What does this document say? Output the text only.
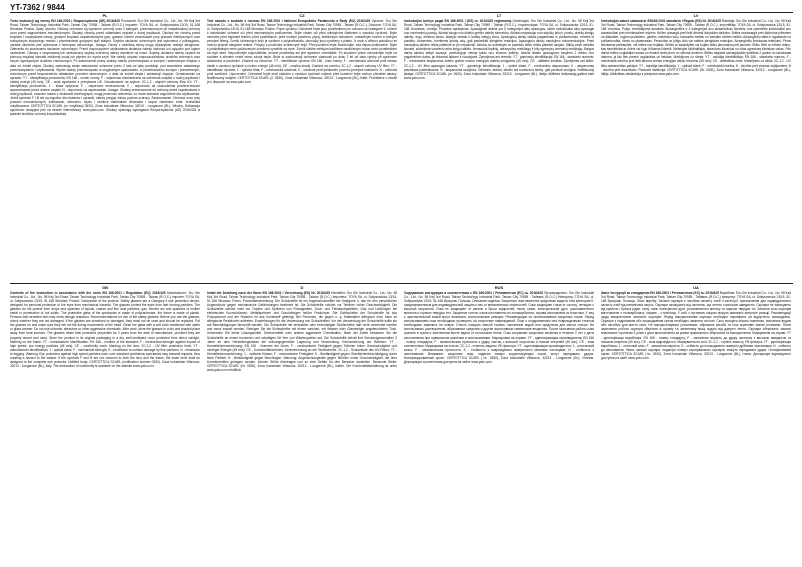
YT-7362 / 9844
PL
Treść instrukcji wg normy EN 166:2001 i Rozporządzenia (UE) 2016/425 Producent: Sru Gie Industrial Co., Ltd., No. 98 Keji 3rd Road, Tainan Technology Industrial Park, Tainan City 70955 - Taiwan (R.O.C.) Importer: TOYA SA, ul. Sołtysowicka 13/15, 51-168 Wrocław, Polska. Opisy wyrobu: Okulary ochronne są wyrobem ochrony oczu ii kategorii, przeznaczonym do indywidualnej ochrony oczu przed zagrożeniami mechanicznymi. Okulary chronią przed odłamkami cząstek o dużej prędkości. Okulary nie chronią przed kroplami i rozpryskami cieczy, grubymi kroplami cząsteczkowymi pyłu, gazami, łukiem zwarciowym przy pracach elektrycznych oraz roztopionym stopionego metalu i przedmiotami gorącymi stali stałych. Szybka okularów ochronnych jest wykonana z poliwęglanu, oprawa okularów jest wykonana z tworzywa sztucznego. Uwaga: Osoby z wrażliwą skórą mogą wykazywać reakcje alergiczne. Zalecenia do stosowania okularów ochronnych: Przed rozpoczęciem użytkowania okularów należy dokonać ich oględzin pod kątem uszkodzeń. Okulary z zarysowaną lub uszkodzoną szybką ochronną należy wymienić na nowe. Szybkę okularów należy czyścić za pomocą miękkiej szmatki zwilżonej wodą lub płynem do mycia szyb. Nie należy używać rozpuszczalników, środków ściernych oraz innych agresywnych środków chemicznych. Po zakończeniu pracy okulary należy przechowywać w suchym i zacienionym miejscu z dala od źródeł ciepła. Okulary zachowują swoje właściwości ochronne przez 2 lata od daty produkcji, pod warunkiem właściwego przechowywania i użytkowania. Wyrób należy przechowywać w oryginalnym opakowaniu, w pomieszczeniu suchym i przewiewnym, chronionym przed bezpośrednim działaniem promieni słonecznych, z dala od źródeł ciepła i substancji żrących. Oznakowanie na oprawie: YT - identyfikacja producenta; EN 166 - numer normy; F - odporność mechaniczna na uderzenia cząstek o dużej prędkości i niskiej energii (45 m/s); CE - znak zgodności z przepisami UE. Oznakowanie na szybce: 2C-1,2 - stopień ochrony filtra UV; YT - identyfikacja producenta; 1 - klasa optyczna; F - odporność mechaniczna; K - odporność na uszkodzenia powierzchniowe spowodowane przez drobne cząstki; N - odporność na zaparowanie. Uwaga: Okulary przeznaczone do ochrony przed cząsteczkami o dużej prędkości, noszone razem z okularami korekcyjnymi, mogą przenosić uderzenia, co może stanowić zagrożenie dla użytkownika. Jeżeli symbole F i B nie są wspólne dla okularów i oprawki, należy przyjąć niższy poziom ochrony. Zastosowanie: Ochrona oczu przy pracach mechanicznych, szlifowaniu, wierceniu, cięciu i obróbce materiałów. Akcesoria i części zamienne: brak. Jednostka notyfikowana: CERTOTTICA SCARL (nr notyfikacji 0530), Zona Industriale Villanova, 32013 - Longarone (BL), Włochy. Deklaracja zgodności dostępna jest na stronie internetowej: www.yato.com. Okulary spełniają wymagania Rozporządzenia (UE) 2016/425 w sprawie środków ochrony indywidualnej.
CZ
Text návodu v souladu s normou EN 166:2001 i Nařízení Evropského Parlamentu a Rady (EU) 2016/425 Výrobce: Sru Gie Industrial Co., Ltd., No. 98 Keji 3rd Road, Tainan Technology Industrial Park, Tainan City 70955 - Taiwan (R.O.C.). Dovozce: TOYA SA, ul. Sołtysowicka 13/15, 51-168 Wrocław, Polsko. Popis výrobku: Ochranné brýle jsou prostředkem pro ochranu očí kategorie II, určené k individuální ochraně očí před mechanickým poškozením. Brýle chrání oči před odletujícími částicemi s vysokou rychlostí. Brýle nechrání před kapkami tekutin, před postříkáním, před hrubým prachem, plyny, elektrickým obloukem, roztaveným kovem a horkými pevnými tělesy. Zorník ochranných brýlí je vyroben z polykarbonátu, obroučky jsou vyrobeny z plastu. U osob s citlivou pokožkou se mohou projevit alergické reakce. Pokyny k používání ochranných brýlí: Před použitím brýle zkontrolujte, zda nejsou poškozené. Brýle s poškrábaným nebo poškozeným zorníkem vyměňte za nové. Zorník čistěte měkkým hadříkem navlhčeným vodou nebo prostředkem na mytí oken. Nepoužívejte rozpouštědla, brusné prostředky ani jiné agresivní chemikálie. Po skončení práce uchovávejte brýle na suchém a stinném místě mimo zdroje tepla. Brýle si zachovávají ochranné vlastnosti po dobu 2 let od data výroby při správném skladování a používání. Značení na obroučce: YT - identifikace výrobce; EN 166 - číslo normy; F - mechanická odolnost proti nárazu částic s vysokou rychlostí a nízkou energií (45 m/s); CE - značka shody. Značení na zorníku: 2C-1,2 - stupeň ochrany UV filtru; YT - identifikace výrobce; 1 - optická třída; F - mechanická odolnost; K - odolnost proti poškození povrchu jemnými částicemi; N - odolnost proti zamlžení. Upozornění: Ochranné brýle proti částicím s vysokou rychlostí nošené přes korekční brýle mohou přenášet nárazy. Notifikovaný subjekt: CERTOTTICA SCARL (č. 0530), Zona Industriale Villanova, 32013 - Longarone (BL), Itálie. Prohlášení o shodě je k dispozici na www.yato.com.
LT
Instrukcijos turinys pagal EN 166:2001 i (ES) nr. 2016/425 reglamentą Gamintojas: Sru Gie Industrial Co., Ltd., No. 98 Keji 3rd Road, Tainan Technology Industrial Park, Tainan City 70955 - Taiwan (R.O.C.). Importuotojas: TOYA SA, ul. Sołtysowicka 13/15, 51-168 Vroclavas, Lenkija. Produkto aprašymas: Apsauginiai akiniai yra II kategorijos akių apsaugos, skirta individualiai akių apsaugai nuo mechaninių pavojų. Akiniai saugo nuo didelio greičio dalelių skeveldrų. Akiniai neapsaugo nuo skysčių lašų ir purslų, didelių kietųjų dalelių, dujų, elektros lanko, išlydyto metalo ir karštų kietųjų kūnų. Apsauginių akinių stiklas pagamintas iš polikarbonato, rėmelis iš plastiko. Asmenims, turintiems jautrią odą, gali pasireikšti alerginės reakcijos. Apsauginių akinių naudojimo rekomendacijos: Prieš naudojimą akinius reikia patikrinti ar jie nepažeisti. Akinius su subraižytu ar pažeistu stiklu reikia pakeisti naujais. Stiklą valyti minkšta šluoste, sudrėkinta vandeniu arba langų valikliu. Nenaudoti tirpiklių, abrazyvinių medžiagų ir kitų agresyvių cheminių medžiagų. Baigus darbą akinius laikyti sausoje, pavėsingoje vietoje toliau nuo šilumos šaltinių. Akiniai išlaiko apsaugines savybes 2 metus nuo pagaminimo datos, jei tinkamai laikomi ir naudojami. Žymėjimas ant rėmelio: YT - gamintojo identifikacija; EN 166 - standarto numeris; F - mechaninis atsparumas didelio greičio mažos energijos dalelių smūgiams (45 m/s); CE - atitikties ženklas. Žymėjimas ant stiklo: 2C-1,2 - UV filtro apsaugos laipsnis; YT - gamintojo identifikacija; 1 - optinė klasė; F - mechaninis atsparumas; K - atsparumas paviršiaus pažeidimams; N - atsparumas rasojimui. Dėmesio: akiniai, dėvimi ant korekcinių akinių, gali perduoti smūgius. Notifikuotoji įstaiga: CERTOTTICA SCARL (nr. 0530), Zona Industriale Villanova, 32013 - Longarone (BL), Italija. Atitikties deklaraciją galima rasti www.yato.com.
LV
Instrukcijas saturs saskaņā ar EN166:2001 standartu i Regulu (ES) Nr. 2016/425 Ražotājs: Sru Gie Industrial Co., Ltd., No. 98 Keji 3rd Road, Tainan Technology Industrial Park, Tainan City 70955 - Taiwan (R.O.C.). Importētājs: TOYA SA, ul. Sołtysowicka 13/15, 51-168 Vroclava, Polija. Izstrādājuma apraksts: Aizsargbrilles ir II kategorijas acu aizsardzības līdzeklis, kas paredzēts individuālai acu aizsardzībai pret mehāniskiem riskiem. Brilles aizsargā pret lielā ātrumā lidojošām daļiņām. Brilles neaizsargā pret šķidruma pilieniem un šļakatām, rupjiem putekļiem, gāzēm, elektrisko loku, izkausētu metālu un karstām cietām vielām. Aizsargbriļļu stikls ir izgatavots no polikarbonāta, rāmis no plastmasas. Personām ar jutīgu ādu var rasties alerģiskas reakcijas. Aizsargbriļļu lietošanas ieteikumi: Pirms lietošanas pārbaudiet, vai brilles nav bojātas. Brilles ar saskrāpētu vai bojātu stiklu jānomaina pret jaunām. Stiklu tīriet ar mīkstu drānu, kas samitrināta ar ūdeni vai logu tīrīšanas līdzekli. Nelietojiet šķīdinātājus, abrazīvus līdzekļus un citas agresīvas ķīmiskas vielas. Pēc darba brilles uzglabājiet sausā un ēnainā vietā prom no siltuma avotiem. Brilles saglabā aizsargājošās īpašības 2 gadus no ražošanas datuma, ja tās tiek pareizi uzglabātas un lietotas. Marķējums uz rāmja: YT - ražotāja identifikācija; EN 166 - standarta numurs; F - mehāniskā izturība pret lielā ātruma zemas enerģijas daļiņu triecienu (45 m/s); CE - atbilstības zīme. Marķējums uz stikla: 2C-1,2 - UV filtra aizsardzības pakāpe; YT - ražotāja identifikācija; 1 - optiskā klase; F - mehāniskā izturība; K - izturība pret virsmas bojājumiem; N - izturība pret aizsvīšanu. Paziņotā institūcija: CERTOTTICA SCARL (Nr. 0530), Zona Industriale Villanova, 32013 - Longarone (BL), Itālija. Atbilstības deklarācija ir pieejama www.yato.com.
GB
Contents of the instruction in accordance with the norm EN 166:2001 i Regulation (EU) 2016/425 Manufacturer: Sru Gie Industrial Co., Ltd., No. 98 Keji 3rd Road, Tainan Technology Industrial Park, Tainan City 70955 - Taiwan (R.O.C.) Importer: TOYA SA, ul. Sołtysowicka 13/15, 51-168 Wrocław, Poland. Description of the product: Safety glasses are a Category II eye protection device, designed for personal protection of the eyes from mechanical hazards. The glasses protect the eyes from fast moving particles. The glasses do not protect from drops and splashes of liquids, coarse and fine dust particles, gas, electric arc and splashes of molten metal or penetration of hot solids. The protective glass of the spectacles is made of polycarbonate, the frame is made of plastic. Persons with sensitive skin may show allergic reactions. Recommendations for use of the safety glasses: Before you use the glasses, check whether they are not damaged. If the glasses are scratched or damaged, they must not be used and should be replaced. Put the glasses on and make sure they will not fall during movements of the head. Clean the glass with a soft cloth moistened with water or glass cleaner. Do not use solvents, abrasives or other aggressive chemicals. After work, store the glasses in a dry and shaded place away from heat sources. The glasses retain their protective properties for 2 years from the date of manufacture, provided they are properly stored and used. Store the product in its original packaging in a dry, well-ventilated room protected from direct sunlight. Marking on the frame: YT - manufacturer identification; EN 166 - number of the standard; F - mechanical strength against impact of high speed, low energy particles (45 m/s); CE - conformity mark. Marking on the lens: 2C-1,2 - UV filter protection level; YT - manufacturer identification; 1 - optical class; F - mechanical strength; K - resistance to surface damage by fine particles; N - resistance to fogging. Warning: Eye protectors against high speed particles worn over standard ophthalmic spectacles may transmit impacts, thus creating a hazard to the wearer. If the symbols F and B are not common to both the lens and the frame, the lower level shall be assigned to the complete eye protector. Notified body: CERTOTTICA SCARL (notification number 0530), Zona Industriale Villanova, 32013 - Longarone (BL), Italy. The declaration of conformity is available on the website www.yato.com.
D
Inhalt der Anleitung nach der Norm EN 166:2001 i Verordnung (EU) Nr. 2016/425 Hersteller: Sru Gie Industrial Co., Ltd., No. 98 Keji 3rd Road, Tainan Technology Industrial Park, Tainan City 70955 - Taiwan (R.O.C.) Importeur: TOYA SA, ul. Sołtysowicka 13/15, 51-168 Wrocław, Polen. Produktbeschreibung: Die Schutzbrille ist ein Augenschutzmittel der Kategorie II, das für den persönlichen Augenschutz gegen mechanische Gefährdungen bestimmt ist. Die Schutzbrille schützt vor Teilchen hoher Geschwindigkeit. Die Schutzbrille schützt nicht vor Tropfen und Spritzern von Flüssigkeiten, Grob- und Feinstaubpartikeln, Gas und Lichtbogen bei elektrischen Kurzschlüssen, Metallspritzern und Durchdringen heißer Festkörper. Die Sichtscheibe der Schutzbrille ist aus Polycarbonat und der Rahmen ist aus Kunststoff gefertigt. Bei Personen, die gegen o. g. Materialien allergisch sind, kann es allergische Reaktionen auftreten. Empfehlungen für die Verwendung von Schutzbrillen: Vor der Verwendung der Schutzbrille sollte sie auf Beschädigungen überprüft werden. Die Schutzbrille mit zerkratzter oder beschädigter Sichtscheibe darf nicht verwendet werden und muss ersetzt werden. Reinigen Sie die Sichtscheibe mit einem weichen, mit Wasser oder Glasreiniger angefeuchteten Tuch. Verwenden Sie keine Lösungsmittel, Scheuermittel oder andere aggressive Chemikalien. Nach der Arbeit bewahren Sie die Schutzbrille an einem trockenen und schattigen Ort fern von Wärmequellen auf. Die Schutzbrille behält ihre Schutzeigenschaften 2 Jahre ab dem Herstellungsdatum bei ordnungsgemäßer Lagerung und Verwendung. Kennzeichnung am Rahmen: YT - Herstellerkennzeichnung; EN 166 - Nummer der Norm; F - mechanische Festigkeit gegen Teilchen hoher Geschwindigkeit und niedriger Energie (45 m/s); CE - Konformitätszeichen. Kennzeichnung an der Sichtscheibe: 2C-1,2 - Schutzstufe des UV-Filters; YT - Herstellerkennzeichnung; 1 - optische Klasse; F - mechanische Festigkeit; K - Beständigkeit gegen Oberflächenbeschädigung durch feine Partikel; N - Beständigkeit gegen Beschlagen. Warnung: Augenschutzgeräte gegen Teilchen hoher Geschwindigkeit, die über Korrekturbrillen getragen werden, können Stöße übertragen und so eine Gefahr für den Benutzer darstellen. Benannte Stelle: CERTOTTICA SCARL (Nr. 0530), Zona Industriale Villanova, 32013 - Longarone (BL), Italien. Die Konformitätserklärung ist unter www.yato.com erhältlich.
RUS
Содержание инструкции в соответствии с EN 166:2001 i Регламентом (ЕС) № 2016/425 Производитель: Sru Gie Industrial Co., Ltd., No. 98 Keji 3rd Road, Tainan Technology Industrial Park, Tainan City 70955 - Тайвань (R.O.C.) Импортер: TOYA SA, ul. Sołtysowicka 13/15, 51-168 Вроцлав, Польша. Описание изделия: Защитные очки являются средством защиты глаз категории II, предназначенным для индивидуальной защиты глаз от механических опасностей. Очки защищают глаза от частиц, летящих с высокой скоростью. Очки не защищают от капель и брызг жидкостей, пыли, газов, электрической дуги, расплавленного металла и горячих твердых тел. Защитное стекло очков изготовлено из поликарбоната, оправа изготовлена из пластика. У лиц с чувствительной кожей могут возникать аллергические реакции. Рекомендации по использованию защитных очков: Перед использованием очки необходимо проверить на отсутствие повреждений. Очки с поцарапанным или поврежденным стеклом необходимо заменить на новые. Стекло очищать мягкой тканью, смоченной водой или средством для мытья стекол. Не использовать растворители, абразивные средства и другие агрессивные химические вещества. После окончания работы очки хранить в сухом и затененном месте вдали от источников тепла. Очки сохраняют защитные свойства в течение 2 лет с даты изготовления при правильном хранении и использовании. Маркировка на оправе: YT - идентификация производителя; EN 166 - номер стандарта; F - механическая прочность к удару частиц с высокой скоростью и низкой энергией (45 м/с); CE - знак соответствия. Маркировка на стекле: 2C-1,2 - степень защиты УФ-фильтра; YT - идентификация производителя; 1 - оптический класс; F - механическая прочность; K - стойкость к повреждению поверхности мелкими частицами; N - стойкость к запотеванию. Внимание: защитные очки, надетые поверх корректирующих очков, могут передавать удары. Нотифицированный орган: CERTOTTICA SCARL (№ 0530), Zona Industriale Villanova, 32013 - Longarone (BL), Италия. Декларация соответствия доступна на сайте www.yato.com.
UA
Зміст інструкції за стандартом EN 166:2001 i Регламентом (ЄС) № 2016/425 Виробник: Sru Gie Industrial Co., Ltd., No. 98 Keji 3rd Road, Tainan Technology Industrial Park, Tainan City 70955 - Тайвань (R.O.C.) Імпортер: TOYA SA, ul. Sołtysowicka 13/15, 51-168 Вроцлав, Польща. Опис виробу: Захисні окуляри є засобом захисту очей II категорії, призначеним для індивідуального захисту очей від механічних загроз. Окуляри захищають від частинок, що летять з високою швидкістю. Окуляри не захищають від крапель і бризок рідин, пилу, газів, електричної дуги, розплавленого металу та гарячих твердих тіл. Захисне скло окулярів виготовлене з полікарбонату, оправа - з пластику. У осіб з чутливою шкірою можуть виникати алергічні реакції. Рекомендації щодо використання захисних окулярів: Перед використанням окуляри необхідно перевірити на відсутність пошкоджень. Окуляри з подряпаним або пошкодженим склом необхідно замінити на нові. Скло очищати м'якою тканиною, змоченою водою або засобом для миття скла. Не використовувати розчинники, абразивні засоби та інші агресивні хімічні речовини. Після закінчення роботи окуляри зберігати в сухому та затіненому місці подалі від джерел тепла. Окуляри зберігають захисні властивості протягом 2 років з дати виготовлення за умови правильного зберігання та використання. Маркування на оправі: YT - ідентифікація виробника; EN 166 - номер стандарту; F - механічна міцність до удару частинок з високою швидкістю та низькою енергією (45 м/с); CE - знак відповідності. Маркування на склі: 2C-1,2 - ступінь захисту УФ-фільтра; YT - ідентифікація виробника; 1 - оптичний клас; F - механічна міцність; K - стійкість до пошкодження поверхні дрібними частинками; N - стійкість до запотівання. Увага: захисні окуляри, надягнуті поверх коригувальних окулярів, можуть передавати удари. Нотифікований орган: CERTOTTICA SCARL (№ 0530), Zona Industriale Villanova, 32013 - Longarone (BL), Італія. Декларація відповідності доступна на сайті www.yato.com.
